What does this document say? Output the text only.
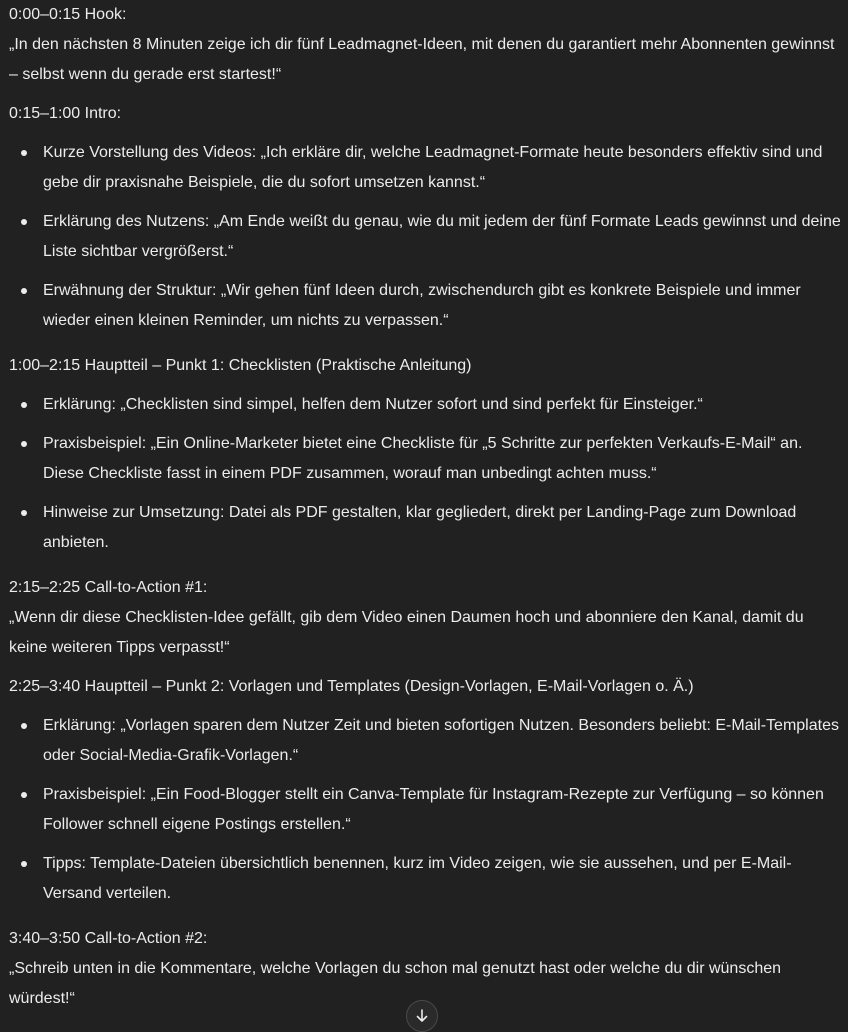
0:00–0:15 Hook:

„In den nächsten 8 Minuten zeige ich dir fünf Leadmagnet-Ideen, mit denen du garantiert mehr Abonnenten gewinnst – selbst wenn du gerade erst startest!“

0:15–1:00 Intro:

Kurze Vorstellung des Videos: „Ich erkläre dir, welche Leadmagnet-Formate heute besonders effektiv sind und gebe dir praxisnahe Beispiele, die du sofort umsetzen kannst.“
Erklärung des Nutzens: „Am Ende weißt du genau, wie du mit jedem der fünf Formate Leads gewinnst und deine Liste sichtbar vergrößerst.“
Erwähnung der Struktur: „Wir gehen fünf Ideen durch, zwischendurch gibt es konkrete Beispiele und immer wieder einen kleinen Reminder, um nichts zu verpassen.“

1:00–2:15 Hauptteil – Punkt 1: Checklisten (Praktische Anleitung)

Erklärung: „Checklisten sind simpel, helfen dem Nutzer sofort und sind perfekt für Einsteiger.“
Praxisbeispiel: „Ein Online-Marketer bietet eine Checkliste für „5 Schritte zur perfekten Verkaufs-E-Mail“ an. Diese Checkliste fasst in einem PDF zusammen, worauf man unbedingt achten muss.“
Hinweise zur Umsetzung: Datei als PDF gestalten, klar gegliedert, direkt per Landing-Page zum Download anbieten.

2:15–2:25 Call-to-Action #1:

„Wenn dir diese Checklisten-Idee gefällt, gib dem Video einen Daumen hoch und abonniere den Kanal, damit du keine weiteren Tipps verpasst!“

2:25–3:40 Hauptteil – Punkt 2: Vorlagen und Templates (Design-Vorlagen, E-Mail-Vorlagen o. Ä.)

Erklärung: „Vorlagen sparen dem Nutzer Zeit und bieten sofortigen Nutzen. Besonders beliebt: E-Mail-Templates oder Social-Media-Grafik-Vorlagen.“
Praxisbeispiel: „Ein Food-Blogger stellt ein Canva-Template für Instagram-Rezepte zur Verfügung – so können Follower schnell eigene Postings erstellen.“
Tipps: Template-Dateien übersichtlich benennen, kurz im Video zeigen, wie sie aussehen, und per E-Mail-Versand verteilen.

3:40–3:50 Call-to-Action #2:

„Schreib unten in die Kommentare, welche Vorlagen du schon mal genutzt hast oder welche du dir wünschen würdest!“
